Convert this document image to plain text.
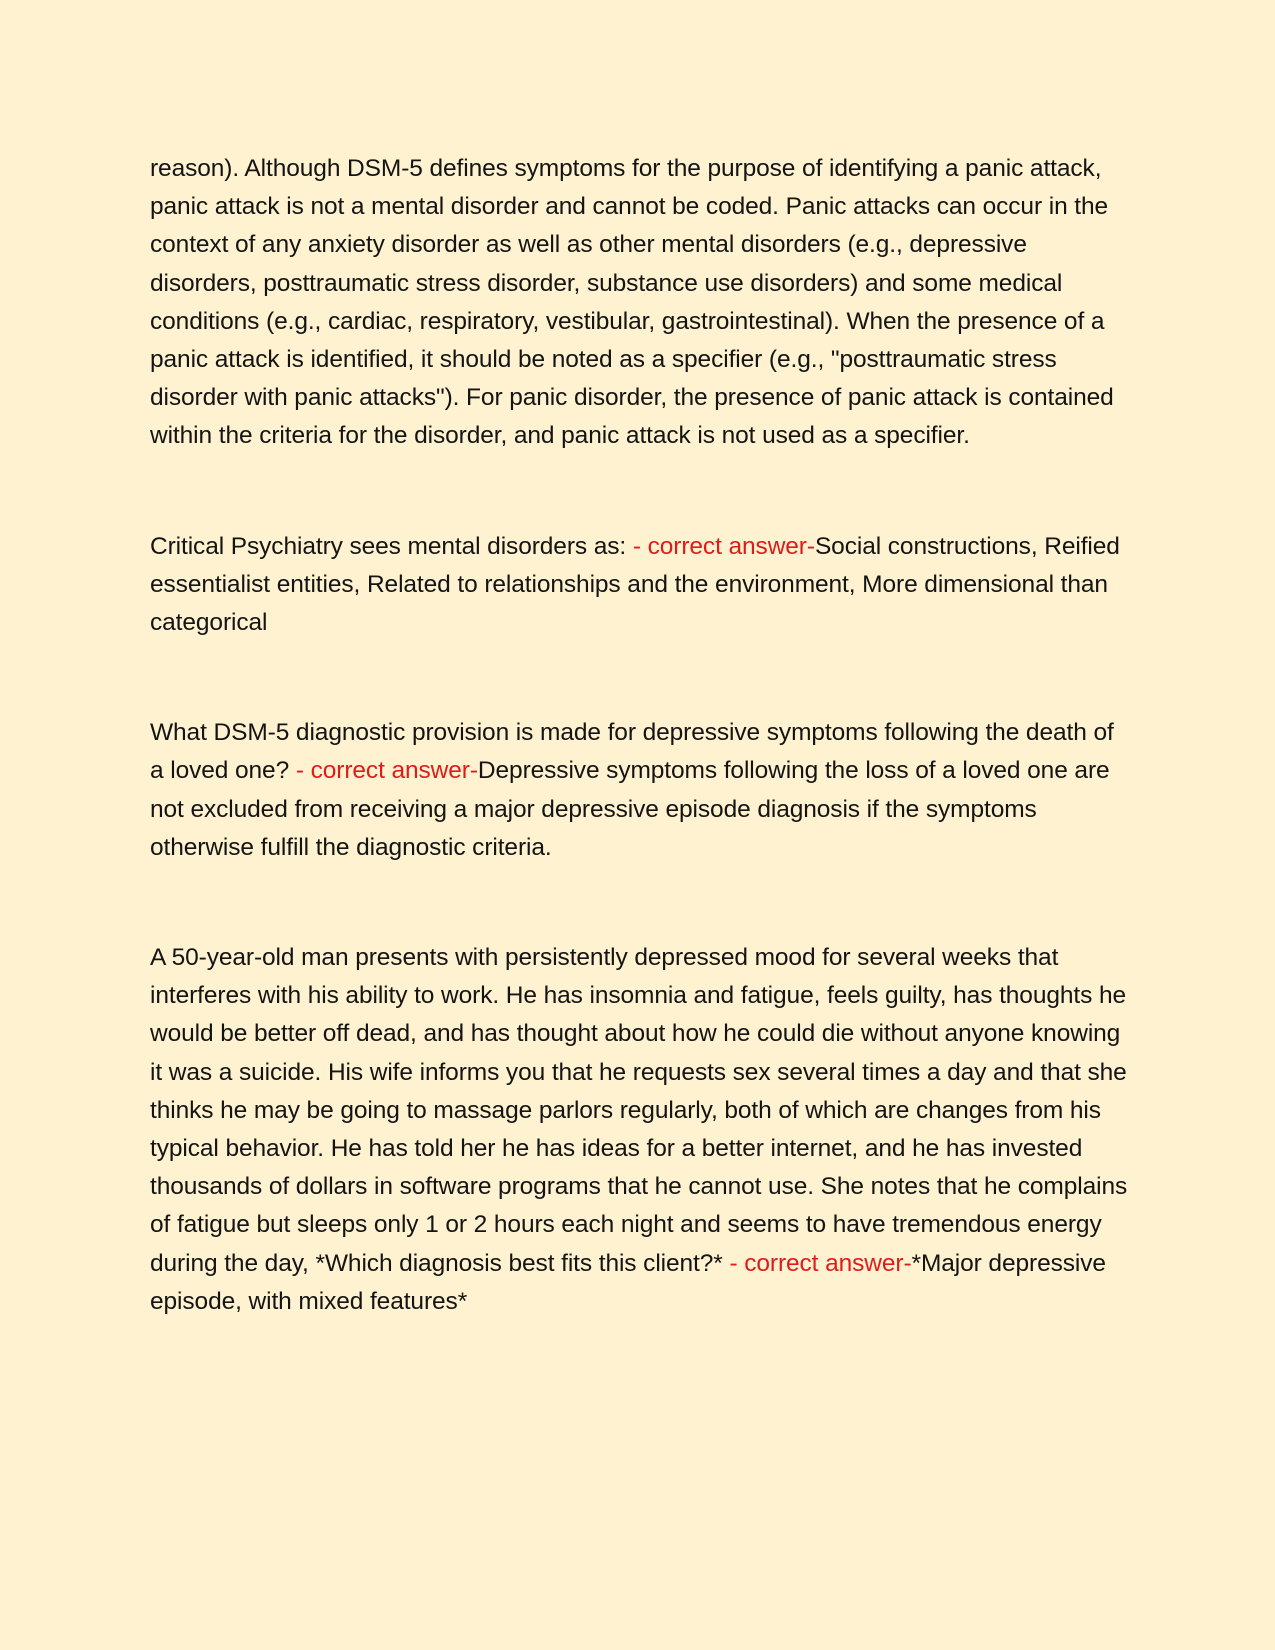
reason). Although DSM-5 defines symptoms for the purpose of identifying a panic attack, panic attack is not a mental disorder and cannot be coded. Panic attacks can occur in the context of any anxiety disorder as well as other mental disorders (e.g., depressive disorders, posttraumatic stress disorder, substance use disorders) and some medical conditions (e.g., cardiac, respiratory, vestibular, gastrointestinal). When the presence of a panic attack is identified, it should be noted as a specifier (e.g., "posttraumatic stress disorder with panic attacks"). For panic disorder, the presence of panic attack is contained within the criteria for the disorder, and panic attack is not used as a specifier.

Critical Psychiatry sees mental disorders as: - correct answer-Social constructions, Reified essentialist entities, Related to relationships and the environment, More dimensional than categorical

What DSM-5 diagnostic provision is made for depressive symptoms following the death of a loved one? - correct answer-Depressive symptoms following the loss of a loved one are not excluded from receiving a major depressive episode diagnosis if the symptoms otherwise fulfill the diagnostic criteria.

A 50-year-old man presents with persistently depressed mood for several weeks that interferes with his ability to work. He has insomnia and fatigue, feels guilty, has thoughts he would be better off dead, and has thought about how he could die without anyone knowing it was a suicide. His wife informs you that he requests sex several times a day and that she thinks he may be going to massage parlors regularly, both of which are changes from his typical behavior. He has told her he has ideas for a better internet, and he has invested thousands of dollars in software programs that he cannot use. She notes that he complains of fatigue but sleeps only 1 or 2 hours each night and seems to have tremendous energy during the day, *Which diagnosis best fits this client?* - correct answer-*Major depressive episode, with mixed features*
